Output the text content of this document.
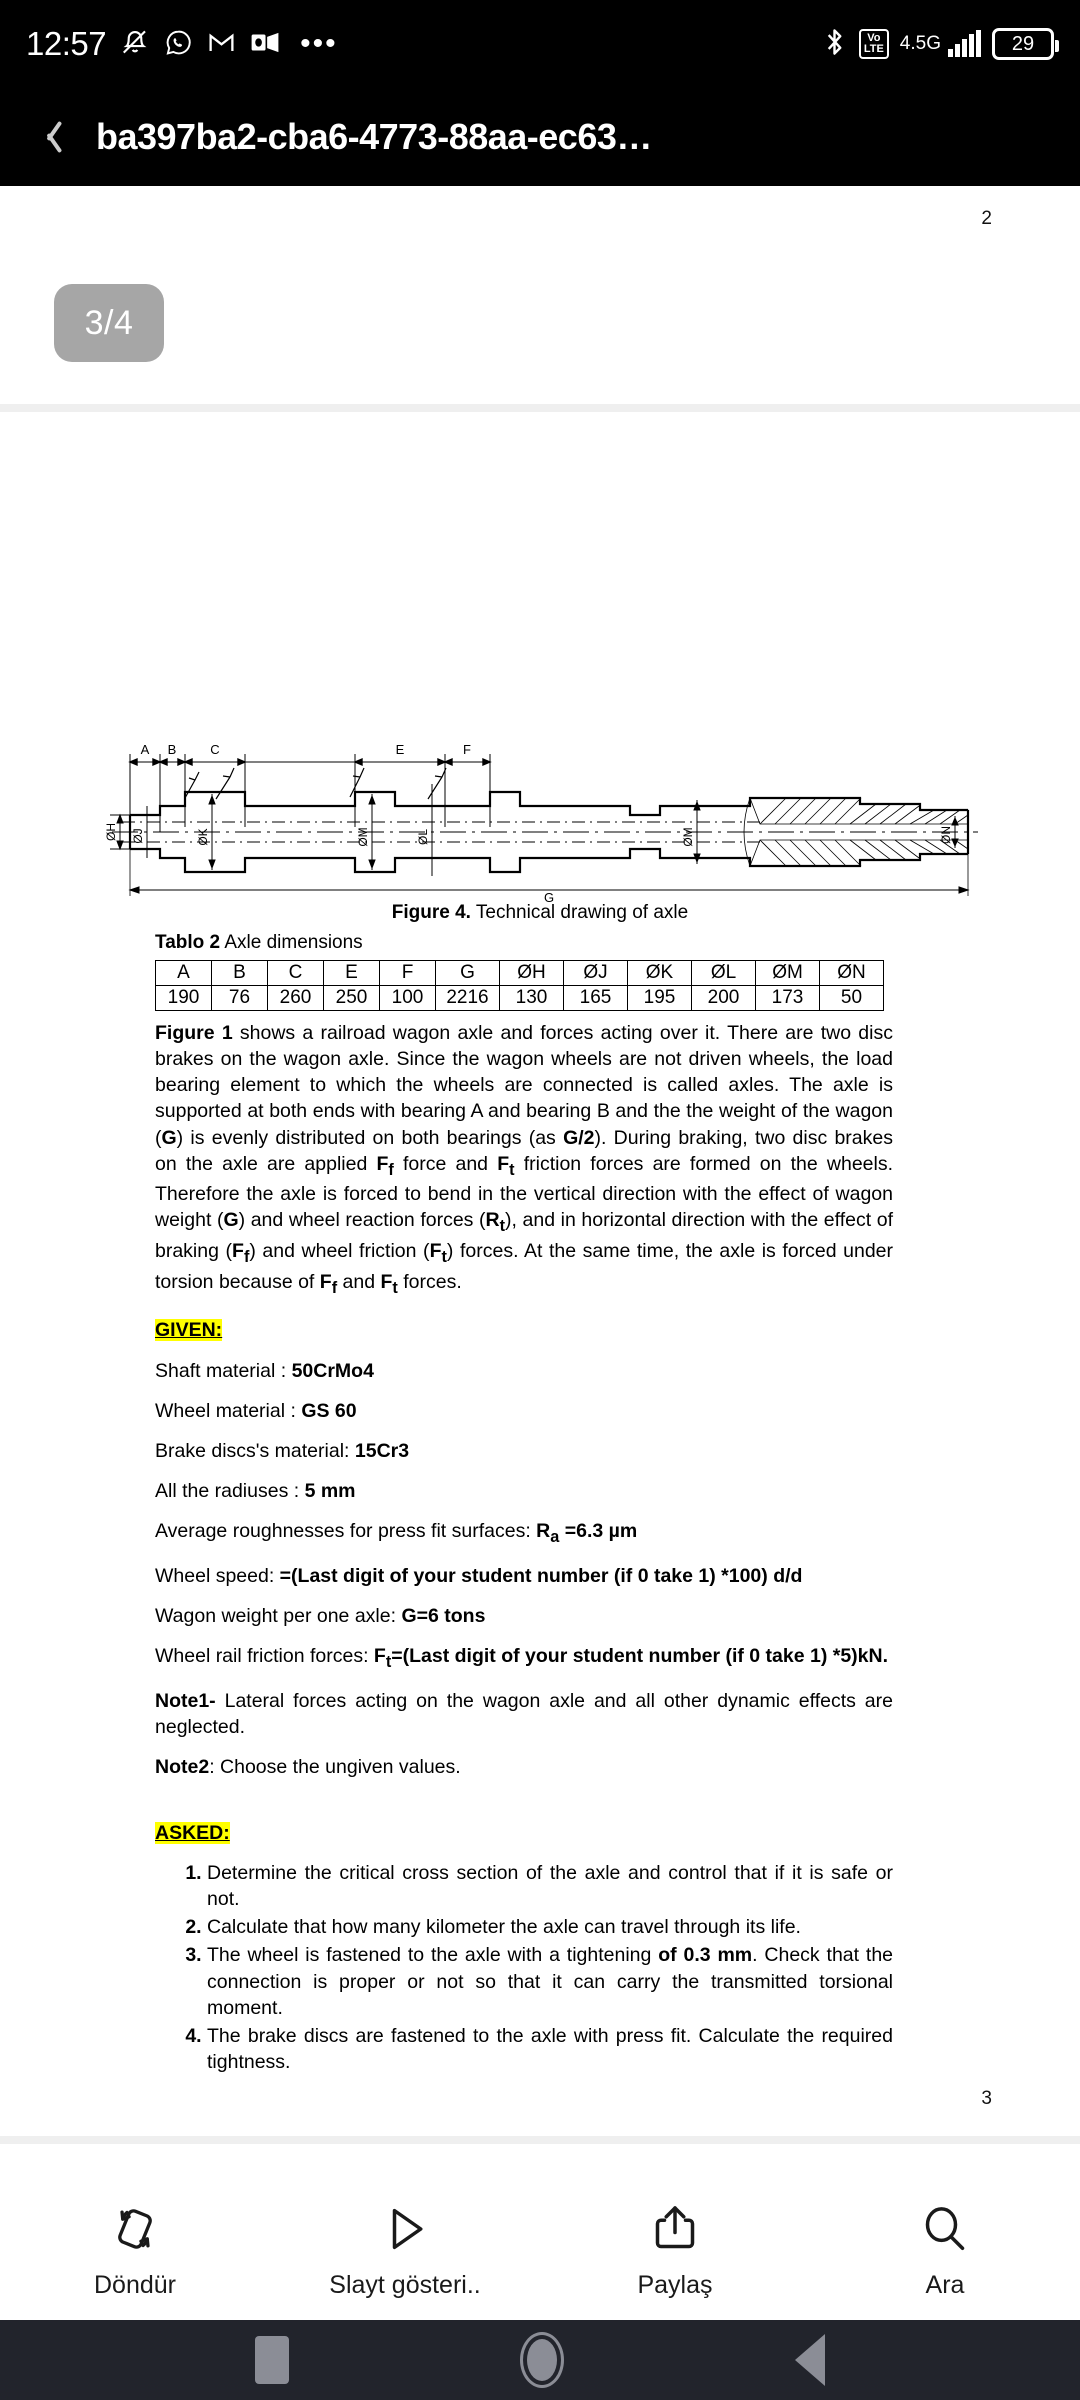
12:57	•••	Vo
LTE 4.5G	29
ba397ba2-cba6-4773-88aa-ec63…
2
3/4
A B	C	E	F
G
ØH ØJ	ØK	ØM	ØL	ØM	ØN
Figure 4. Technical drawing of axle
Tablo 2 Axle dimensions
A	B	C	E	F	G	ØH	ØJ	ØK	ØL	ØM	ØN
190	76	260	250	100	2216	130	165	195	200	173	50

Figure 1 shows a railroad wagon axle and forces acting over it. There are two disc brakes on the wagon axle. Since the wagon wheels are not driven wheels, the load bearing element to which the wheels are connected is called axles. The axle is supported at both ends with bearing A and bearing B and the the weight of the wagon (G) is evenly distributed on both bearings (as G/2). During braking, two disc brakes on the axle are applied $F_f$ force and $F_t$ friction forces are formed on the wheels. Therefore the axle is forced to bend in the vertical direction with the effect of wagon weight (G) and wheel reaction forces $(R_t)$, and in horizontal direction with the effect of braking $(F_f)$ and wheel friction $(F_t)$ forces. At the same time, the axle is forced under torsion because of $F_f$ and $F_t$ forces.

GIVEN:
Shaft material : 50CrMo4
Wheel material : GS 60
Brake discs's material: 15Cr3
All the radiuses : 5 mm
Average roughnesses for press fit surfaces: $R_a =6.3$ µm
Wheel speed: =(Last digit of your student number (if 0 take 1) *100) d/d
Wagon weight per one axle: G=6 tons
Wheel rail friction forces: $F_t=(Last$ digit of your student number (if 0 take 1) *5)kN.
Note1- Lateral forces acting on the wagon axle and all other dynamic effects are neglected.
Note2: Choose the ungiven values.
ASKED:
1. Determine the critical cross section of the axle and control that if it is safe or not.
2. Calculate that how many kilometer the axle can travel through its life.
3. The wheel is fastened to the axle with a tightening of 0.3 mm. Check that the connection is proper or not so that it can carry the transmitted torsional moment.
4. The brake discs are fastened to the axle with press fit. Calculate the required tightness.
3
Döndür	Slayt gösteri..	Paylaş	Ara
